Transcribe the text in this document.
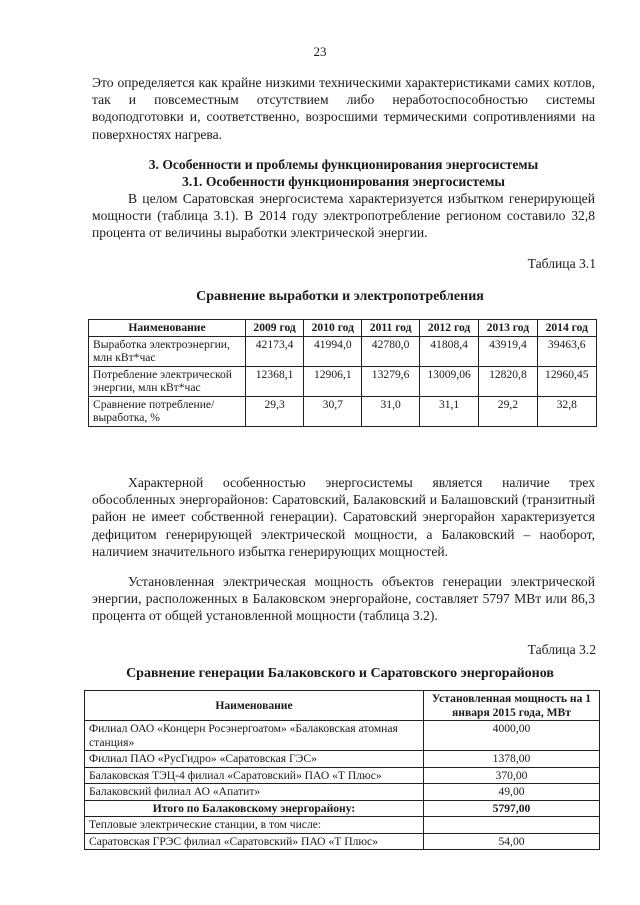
23

Это определяется как крайне низкими техническими характеристиками самих котлов, так и повсеместным отсутствием либо неработоспособностью системы водоподготовки и, соответственно, возросшими термическими сопротивлениями на поверхностях нагрева.

3. Особенности и проблемы функционирования энергосистемы

3.1. Особенности функционирования энергосистемы

В целом Саратовская энергосистема характеризуется избытком генерирующей мощности (таблица 3.1). В 2014 году электропотребление регионом составило 32,8 процента от величины выработки электрической энергии.

Таблица 3.1

Сравнение выработки и электропотребления

Наименование	2009 год	2010 год	2011 год	2012 год	2013 год	2014 год
Выработка электроэнергии, млн кВт*час	42173,4	41994,0	42780,0	41808,4	43919,4	39463,6
Потребление электрической энергии, млн кВт*час	12368,1	12906,1	13279,6	13009,06	12820,8	12960,45
Сравнение потребление/ выработка, %	29,3	30,7	31,0	31,1	29,2	32,8

Характерной особенностью энергосистемы является наличие трех обособленных энергорайонов: Саратовский, Балаковский и Балашовский (транзитный район не имеет собственной генерации). Саратовский энергорайон характеризуется дефицитом генерирующей электрической мощности, а Балаковский – наоборот, наличием значительного избытка генерирующих мощностей.

Установленная электрическая мощность объектов генерации электрической энергии, расположенных в Балаковском энергорайоне, составляет 5797 МВт или 86,3 процента от общей установленной мощности (таблица 3.2).

Таблица 3.2

Сравнение генерации Балаковского и Саратовского энергорайонов

Наименование	Установленная мощность на 1 января 2015 года, МВт
Филиал ОАО «Концерн Росэнергоатом» «Балаковская атомная станция»	4000,00
Филиал ПАО «РусГидро» «Саратовская ГЭС»	1378,00
Балаковская ТЭЦ-4 филиал «Саратовский» ПАО «Т Плюс»	370,00
Балаковский филиал АО «Апатит»	49,00
Итого по Балаковскому энергорайону:	5797,00
Тепловые электрические станции, в том числе:	
Саратовская ГРЭС филиал «Саратовский» ПАО «Т Плюс»	54,00
